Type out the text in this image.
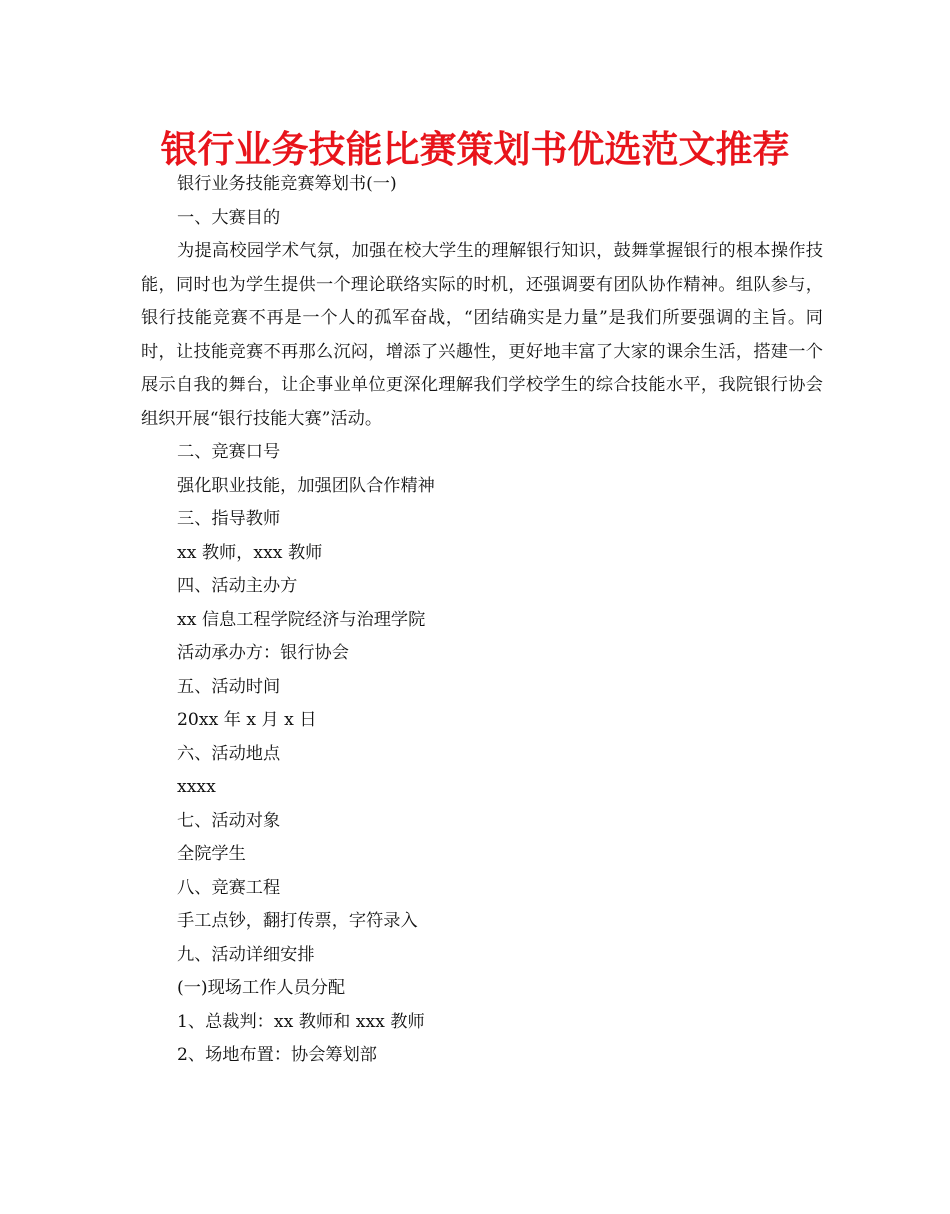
银行业务技能比赛策划书优选范文推荐

银行业务技能竞赛筹划书(一)

一、大赛目的

为提高校园学术气氛，加强在校大学生的理解银行知识，鼓舞掌握银行的根本操作技能，同时也为学生提供一个理论联络实际的时机，还强调要有团队协作精神。组队参与，银行技能竞赛不再是一个人的孤军奋战，“团结确实是力量”是我们所要强调的主旨。同时，让技能竞赛不再那么沉闷，增添了兴趣性，更好地丰富了大家的课余生活，搭建一个展示自我的舞台，让企事业单位更深化理解我们学校学生的综合技能水平，我院银行协会组织开展“银行技能大赛”活动。

二、竞赛口号

强化职业技能，加强团队合作精神

三、指导教师

xx 教师，xxx 教师

四、活动主办方

xx 信息工程学院经济与治理学院

活动承办方：银行协会

五、活动时间

20xx 年 x 月 x 日

六、活动地点

xxxx

七、活动对象

全院学生

八、竞赛工程

手工点钞，翻打传票，字符录入

九、活动详细安排

(一)现场工作人员分配

1、总裁判：xx 教师和 xxx 教师

2、场地布置：协会筹划部
